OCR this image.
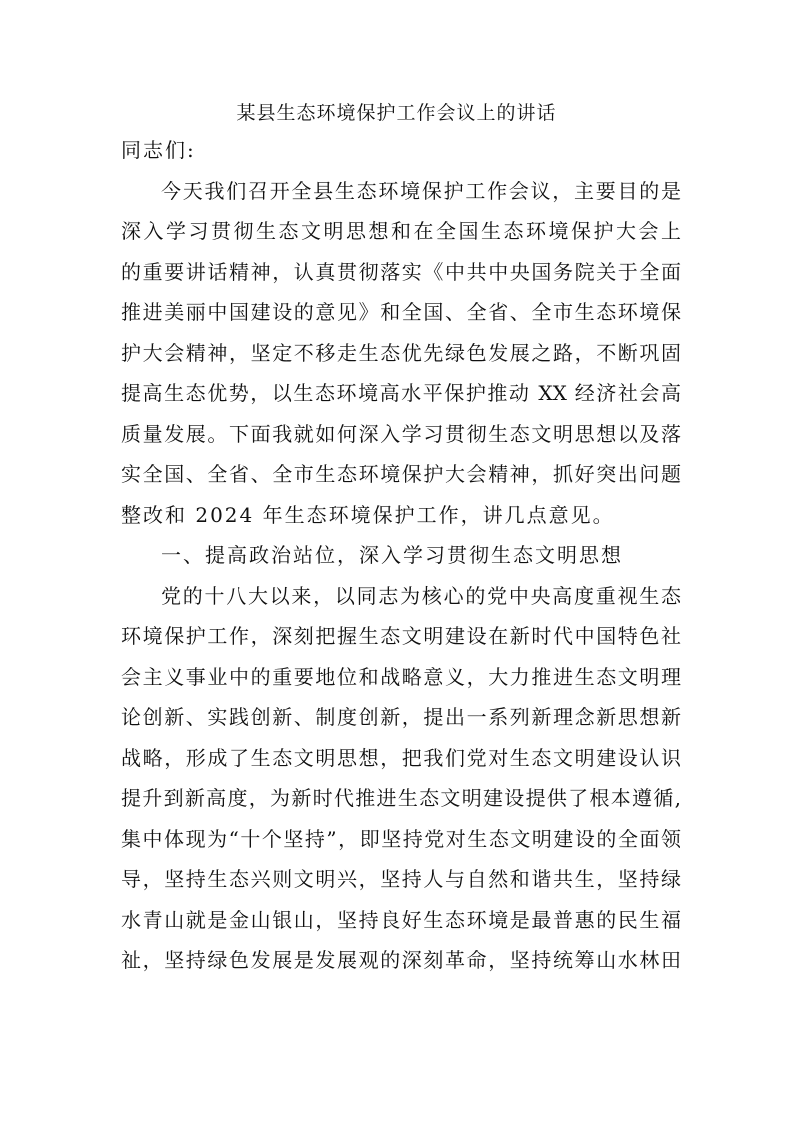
某县生态环境保护工作会议上的讲话
同志们:
今天我们召开全县生态环境保护工作会议，主要目的是
深入学习贯彻生态文明思想和在全国生态环境保护大会上
的重要讲话精神，认真贯彻落实《中共中央国务院关于全面
推进美丽中国建设的意见》和全国、全省、全市生态环境保
护大会精神，坚定不移走生态优先绿色发展之路，不断巩固
提高生态优势，以生态环境高水平保护推动 XX 经济社会高
质量发展。下面我就如何深入学习贯彻生态文明思想以及落
实全国、全省、全市生态环境保护大会精神，抓好突出问题
整改和 2024 年生态环境保护工作，讲几点意见。
一、提高政治站位，深入学习贯彻生态文明思想
党的十八大以来，以同志为核心的党中央高度重视生态
环境保护工作，深刻把握生态文明建设在新时代中国特色社
会主义事业中的重要地位和战略意义，大力推进生态文明理
论创新、实践创新、制度创新，提出一系列新理念新思想新
战略，形成了生态文明思想，把我们党对生态文明建设认识
提升到新高度，为新时代推进生态文明建设提供了根本遵循,
集中体现为“十个坚持”，即坚持党对生态文明建设的全面领
导，坚持生态兴则文明兴，坚持人与自然和谐共生，坚持绿
水青山就是金山银山，坚持良好生态环境是最普惠的民生福
祉，坚持绿色发展是发展观的深刻革命，坚持统筹山水林田
